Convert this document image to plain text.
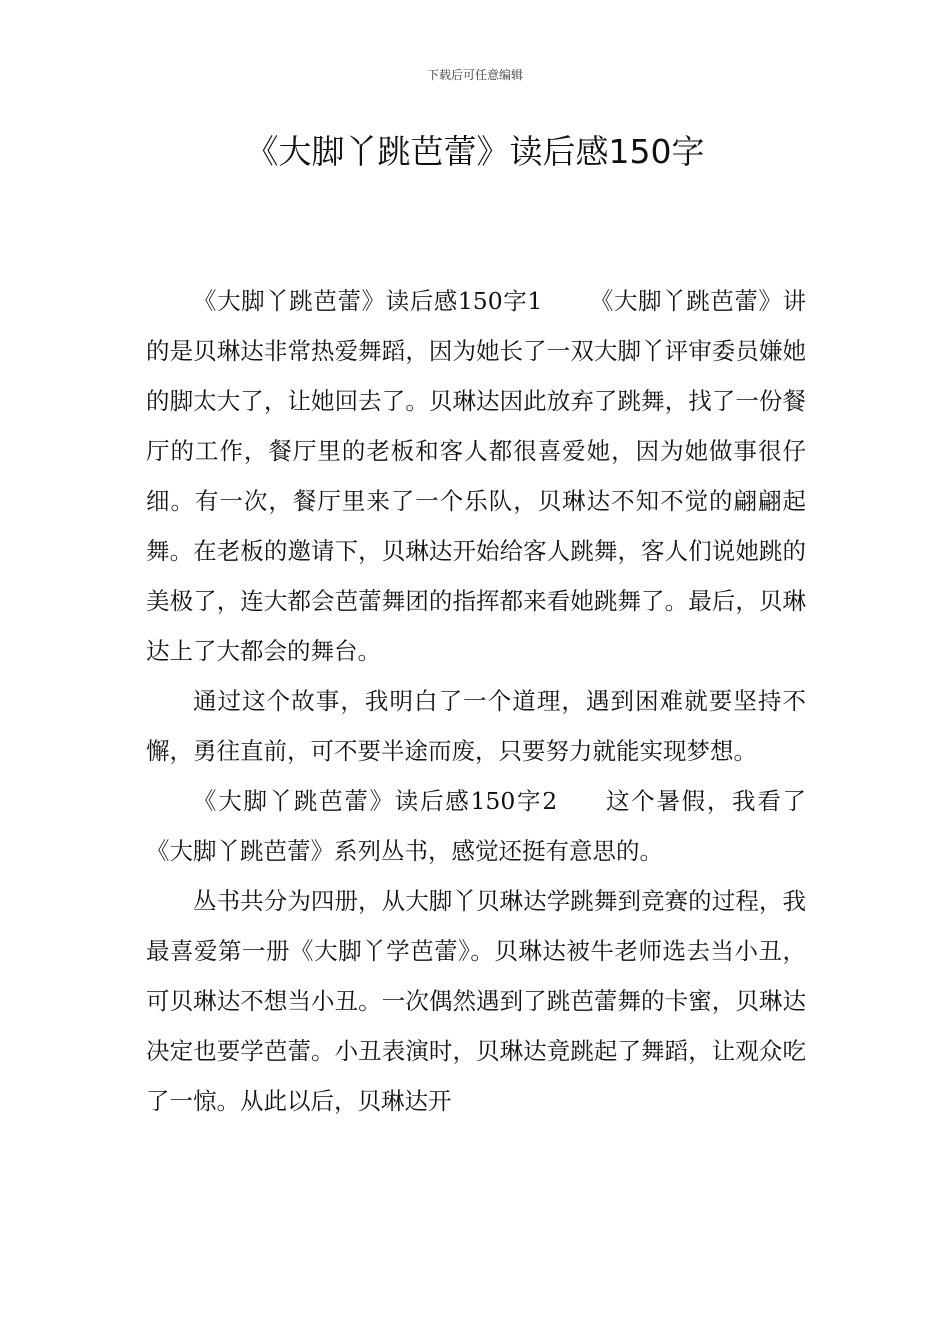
下载后可任意编辑
《大脚丫跳芭蕾》读后感150字

《大脚丫跳芭蕾》读后感150字1 《大脚丫跳芭蕾》讲的是贝琳达非常热爱舞蹈，因为她长了一双大脚丫评审委员嫌她的脚太大了，让她回去了。贝琳达因此放弃了跳舞，找了一份餐厅的工作，餐厅里的老板和客人都很喜爱她，因为她做事很仔细。有一次，餐厅里来了一个乐队，贝琳达不知不觉的翩翩起舞。在老板的邀请下，贝琳达开始给客人跳舞，客人们说她跳的美极了，连大都会芭蕾舞团的指挥都来看她跳舞了。最后，贝琳达上了大都会的舞台。

通过这个故事，我明白了一个道理，遇到困难就要坚持不懈，勇往直前，可不要半途而废，只要努力就能实现梦想。

《大脚丫跳芭蕾》读后感150字2 这个暑假，我看了《大脚丫跳芭蕾》系列丛书，感觉还挺有意思的。

丛书共分为四册，从大脚丫贝琳达学跳舞到竞赛的过程，我最喜爱第一册《大脚丫学芭蕾》。贝琳达被牛老师选去当小丑，可贝琳达不想当小丑。一次偶然遇到了跳芭蕾舞的卡蜜，贝琳达决定也要学芭蕾。小丑表演时，贝琳达竟跳起了舞蹈，让观众吃了一惊。从此以后，贝琳达开
